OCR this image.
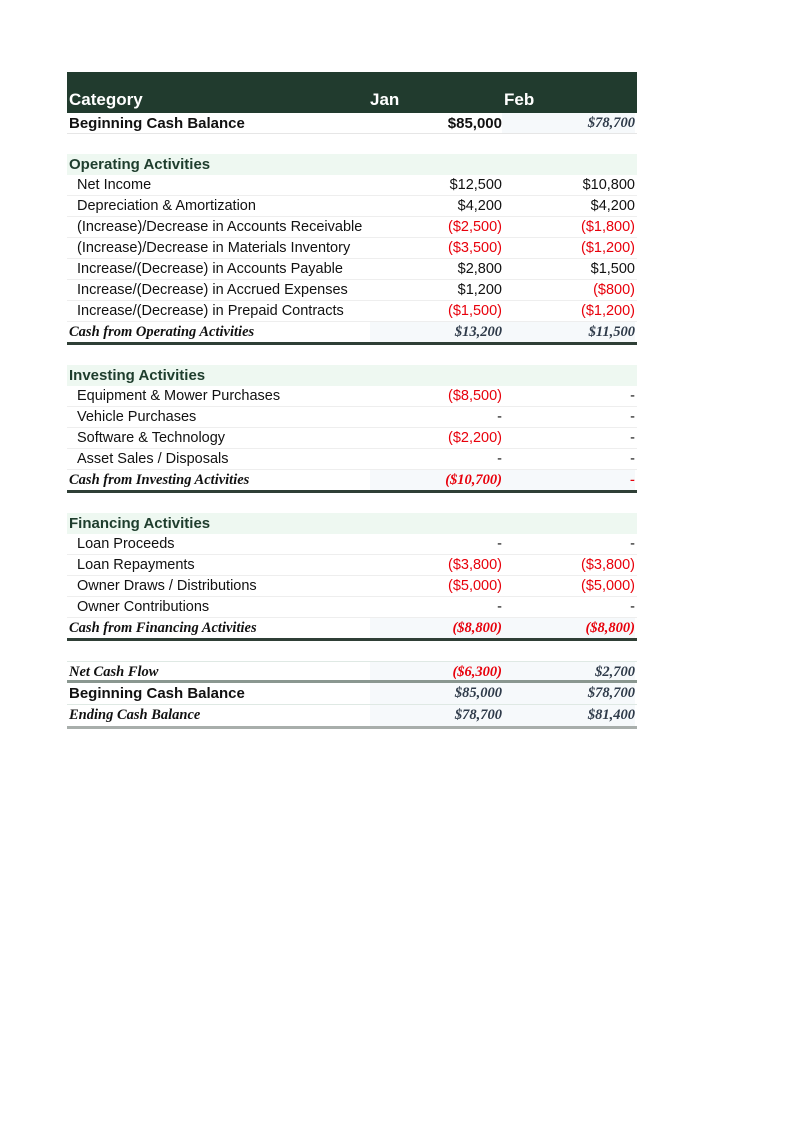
Category	Jan	Feb
Beginning Cash Balance	$85,000	$78,700
Operating Activities
Net Income	$12,500	$10,800
Depreciation & Amortization	$4,200	$4,200
(Increase)/Decrease in Accounts Receivable	($2,500)	($1,800)
(Increase)/Decrease in Materials Inventory	($3,500)	($1,200)
Increase/(Decrease) in Accounts Payable	$2,800	$1,500
Increase/(Decrease) in Accrued Expenses	$1,200	($800)
Increase/(Decrease) in Prepaid Contracts	($1,500)	($1,200)
Cash from Operating Activities	$13,200	$11,500
Investing Activities
Equipment & Mower Purchases	($8,500)	-
Vehicle Purchases	-	-
Software & Technology	($2,200)	-
Asset Sales / Disposals	-	-
Cash from Investing Activities	($10,700)	-
Financing Activities
Loan Proceeds	-	-
Loan Repayments	($3,800)	($3,800)
Owner Draws / Distributions	($5,000)	($5,000)
Owner Contributions	-	-
Cash from Financing Activities	($8,800)	($8,800)
Net Cash Flow	($6,300)	$2,700
Beginning Cash Balance	$85,000	$78,700
Ending Cash Balance	$78,700	$81,400
